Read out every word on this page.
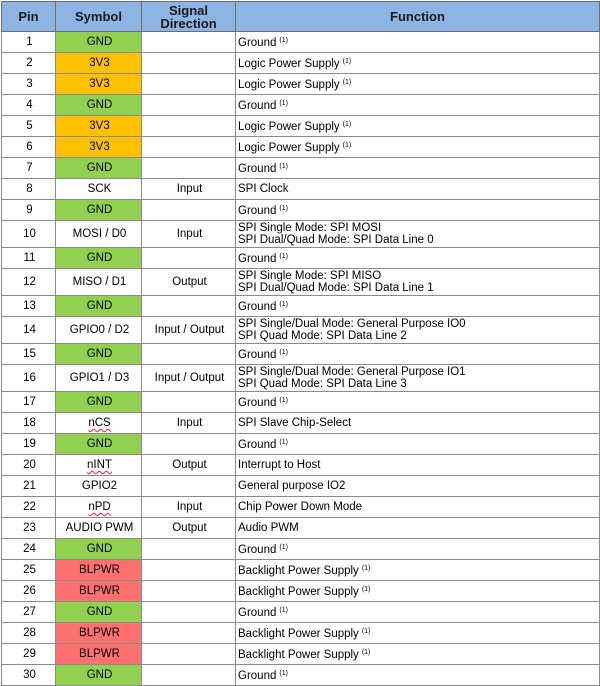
Pin	Symbol	Signal Direction	Function
1	GND		Ground $^{(1)}$

2	3V3		Logic Power Supply $^{(1)}$

3	3V3		Logic Power Supply $^{(1)}$

4	GND		Ground $^{(1)}$

5	3V3		Logic Power Supply $^{(1)}$

6	3V3		Logic Power Supply $^{(1)}$

7	GND		Ground $^{(1)}$

8	SCK	Input	SPI Clock

9	GND		Ground $^{(1)}$

10	MOSI / D0	Input	SPI Single Mode: SPI MOSI
SPI Dual/Quad Mode: SPI Data Line 0

11	GND		Ground $^{(1)}$

12	MISO / D1	Output	SPI Single Mode: SPI MISO
SPI Dual/Quad Mode: SPI Data Line 1

13	GND		Ground $^{(1)}$

14	GPIO0 / D2	Input / Output	SPI Single/Dual Mode: General Purpose IO0
SPI Quad Mode: SPI Data Line 2

15	GND		Ground $^{(1)}$

16	GPIO1 / D3	Input / Output	SPI Single/Dual Mode: General Purpose IO1
SPI Quad Mode: SPI Data Line 3

17	GND		Ground $^{(1)}$

18	nCS	Input	SPI Slave Chip-Select

19	GND		Ground $^{(1)}$

20	nINT	Output	Interrupt to Host

21	GPIO2		General purpose IO2

22	nPD	Input	Chip Power Down Mode

23	AUDIO PWM	Output	Audio PWM

24	GND		Ground $^{(1)}$

25	BLPWR		Backlight Power Supply $^{(1)}$

26	BLPWR		Backlight Power Supply $^{(1)}$

27	GND		Ground $^{(1)}$

28	BLPWR		Backlight Power Supply $^{(1)}$

29	BLPWR		Backlight Power Supply $^{(1)}$

30	GND		Ground $^{(1)}$
